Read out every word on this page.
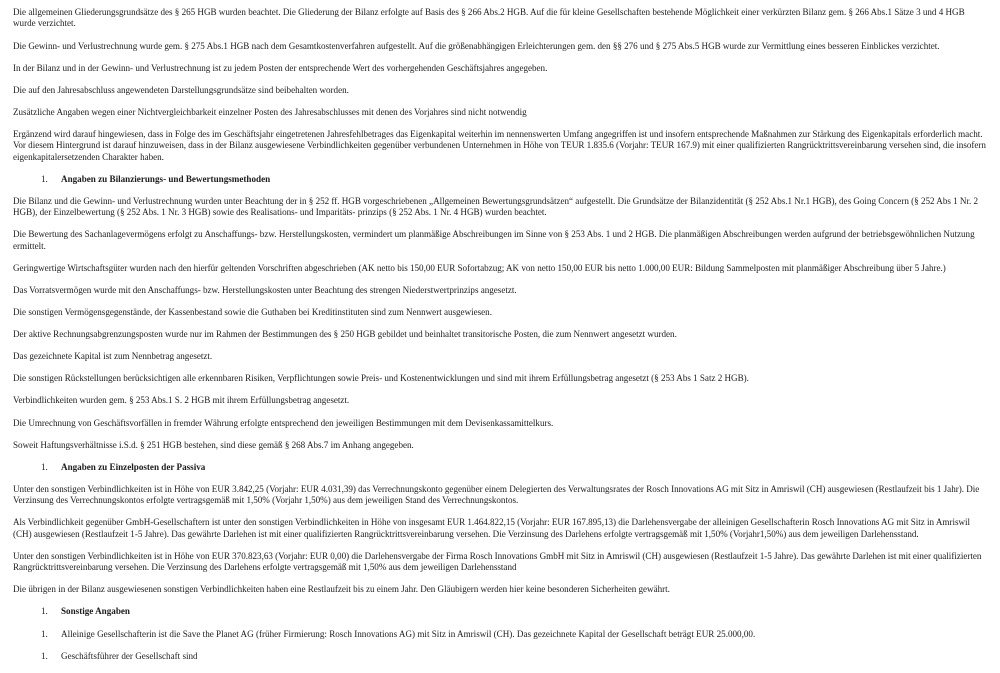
Die allgemeinen Gliederungsgrundsätze des § 265 HGB wurden beachtet. Die Gliederung der Bilanz erfolgte auf Basis des § 266 Abs.2 HGB. Auf die für kleine Gesellschaften bestehende Möglichkeit einer verkürzten Bilanz gem. § 266 Abs.1 Sätze 3 und 4 HGB wurde verzichtet.

Die Gewinn- und Verlustrechnung wurde gem. § 275 Abs.1 HGB nach dem Gesamtkostenverfahren aufgestellt. Auf die größenabhängigen Erleichterungen gem. den §§ 276 und § 275 Abs.5 HGB wurde zur Vermittlung eines besseren Einblickes verzichtet.

In der Bilanz und in der Gewinn- und Verlustrechnung ist zu jedem Posten der entsprechende Wert des vorhergehenden Geschäftsjahres angegeben.

Die auf den Jahresabschluss angewendeten Darstellungsgrundsätze sind beibehalten worden.

Zusätzliche Angaben wegen einer Nichtvergleichbarkeit einzelner Posten des Jahresabschlusses mit denen des Vorjahres sind nicht notwendig

Ergänzend wird darauf hingewiesen, dass in Folge des im Geschäftsjahr eingetretenen Jahresfehlbetrages das Eigenkapital weiterhin im nennenswerten Umfang angegriffen ist und insofern entsprechende Maßnahmen zur Stärkung des Eigenkapitals erforderlich macht. Vor diesem Hintergrund ist darauf hinzuweisen, dass in der Bilanz ausgewiesene Verbindlichkeiten gegenüber verbundenen Unternehmen in Höhe von TEUR 1.835.6 (Vorjahr: TEUR 167.9) mit einer qualifizierten Rangrücktrittsvereinbarung versehen sind, die insofern eigenkapitalersetzenden Charakter haben.

1. Angaben zu Bilanzierungs- und Bewertungsmethoden

Die Bilanz und die Gewinn- und Verlustrechnung wurden unter Beachtung der in § 252 ff. HGB vorgeschriebenen „Allgemeinen Bewertungsgrundsätzen“ aufgestellt. Die Grundsätze der Bilanzidentität (§ 252 Abs.1 Nr.1 HGB), des Going Concern (§ 252 Abs 1 Nr. 2 HGB), der Einzelbewertung (§ 252 Abs. 1 Nr. 3 HGB) sowie des Realisations- und Imparitäts- prinzips (§ 252 Abs. 1 Nr. 4 HGB) wurden beachtet.

Die Bewertung des Sachanlagevermögens erfolgt zu Anschaffungs- bzw. Herstellungskosten, vermindert um planmäßige Abschreibungen im Sinne von § 253 Abs. 1 und 2 HGB. Die planmäßigen Abschreibungen werden aufgrund der betriebsgewöhnlichen Nutzung ermittelt.

Geringwertige Wirtschaftsgüter wurden nach den hierfür geltenden Vorschriften abgeschrieben (AK netto bis 150,00 EUR Sofortabzug; AK von netto 150,00 EUR bis netto 1.000,00 EUR: Bildung Sammelposten mit planmäßiger Abschreibung über 5 Jahre.)

Das Vorratsvermögen wurde mit den Anschaffungs- bzw. Herstellungskosten unter Beachtung des strengen Niederstwertprinzips angesetzt.

Die sonstigen Vermögensgegenstände, der Kassenbestand sowie die Guthaben bei Kreditinstituten sind zum Nennwert ausgewiesen.

Der aktive Rechnungsabgrenzungsposten wurde nur im Rahmen der Bestimmungen des § 250 HGB gebildet und beinhaltet transitorische Posten, die zum Nennwert angesetzt wurden.

Das gezeichnete Kapital ist zum Nennbetrag angesetzt.

Die sonstigen Rückstellungen berücksichtigen alle erkennbaren Risiken, Verpflichtungen sowie Preis- und Kostenentwicklungen und sind mit ihrem Erfüllungsbetrag angesetzt (§ 253 Abs 1 Satz 2 HGB).

Verbindlichkeiten wurden gem. § 253 Abs.1 S. 2 HGB mit ihrem Erfüllungsbetrag angesetzt.

Die Umrechnung von Geschäftsvorfällen in fremder Währung erfolgte entsprechend den jeweiligen Bestimmungen mit dem Devisenkassamittelkurs.

Soweit Haftungsverhältnisse i.S.d. § 251 HGB bestehen, sind diese gemäß § 268 Abs.7 im Anhang angegeben.

1. Angaben zu Einzelposten der Passiva

Unter den sonstigen Verbindlichkeiten ist in Höhe von EUR 3.842,25 (Vorjahr: EUR 4.031,39) das Verrechnungskonto gegenüber einem Delegierten des Verwaltungsrates der Rosch Innovations AG mit Sitz in Amriswil (CH) ausgewiesen (Restlaufzeit bis 1 Jahr). Die Verzinsung des Verrechnungskontos erfolgte vertragsgemäß mit 1,50% (Vorjahr 1,50%) aus dem jeweiligen Stand des Verrechnungskontos.

Als Verbindlichkeit gegenüber GmbH-Gesellschaftern ist unter den sonstigen Verbindlichkeiten in Höhe von insgesamt EUR 1.464.822,15 (Vorjahr: EUR 167.895,13) die Darlehensvergabe der alleinigen Gesellschafterin Rosch Innovations AG mit Sitz in Amriswil (CH) ausgewiesen (Restlaufzeit 1-5 Jahre). Das gewährte Darlehen ist mit einer qualifizierten Rangrücktrittsvereinbarung versehen. Die Verzinsung des Darlehens erfolgte vertragsgemäß mit 1,50% (Vorjahr1,50%) aus dem jeweiligen Darlehensstand.

Unter den sonstigen Verbindlichkeiten ist in Höhe von EUR 370.823,63 (Vorjahr: EUR 0,00) die Darlehensvergabe der Firma Rosch Innovations GmbH mit Sitz in Amriswil (CH) ausgewiesen (Restlaufzeit 1-5 Jahre). Das gewährte Darlehen ist mit einer qualifizierten Rangrücktrittsvereinbarung versehen. Die Verzinsung des Darlehens erfolgte vertragsgemäß mit 1,50% aus dem jeweiligen Darlehensstand

Die übrigen in der Bilanz ausgewiesenen sonstigen Verbindlichkeiten haben eine Restlaufzeit bis zu einem Jahr. Den Gläubigern werden hier keine besonderen Sicherheiten gewährt.

1. Sonstige Angaben
1. Alleinige Gesellschafterin ist die Save the Planet AG (früher Firmierung: Rosch Innovations AG) mit Sitz in Amriswil (CH). Das gezeichnete Kapital der Gesellschaft beträgt EUR 25.000,00.
1. Geschäftsführer der Gesellschaft sind
